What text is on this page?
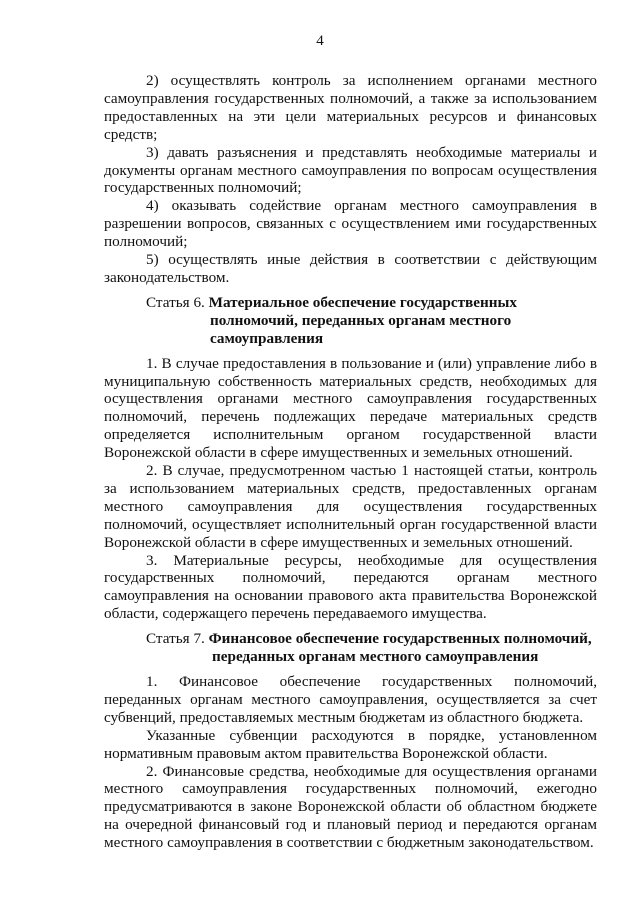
4

2) осуществлять контроль за исполнением органами местного самоуправления государственных полномочий, а также за использованием предоставленных на эти цели материальных ресурсов и финансовых средств;

3) давать разъяснения и представлять необходимые материалы и документы органам местного самоуправления по вопросам осуществления государственных полномочий;

4) оказывать содействие органам местного самоуправления в разрешении вопросов, связанных с осуществлением ими государственных полномочий;

5) осуществлять иные действия в соответствии с действующим законодательством.

Статья 6. Материальное обеспечение государственных
полномочий, переданных органам местного
самоуправления

1. В случае предоставления в пользование и (или) управление либо в муниципальную собственность материальных средств, необходимых для осуществления органами местного самоуправления государственных полномочий, перечень подлежащих передаче материальных средств определяется исполнительным органом государственной власти Воронежской области в сфере имущественных и земельных отношений.

2. В случае, предусмотренном частью 1 настоящей статьи, контроль за использованием материальных средств, предоставленных органам местного самоуправления для осуществления государственных полномочий, осуществляет исполнительный орган государственной власти Воронежской области в сфере имущественных и земельных отношений.

3. Материальные ресурсы, необходимые для осуществления государственных полномочий, передаются органам местного самоуправления на основании правового акта правительства Воронежской области, содержащего перечень передаваемого имущества.

Статья 7. Финансовое обеспечение государственных полномочий,
переданных органам местного самоуправления

1. Финансовое обеспечение государственных полномочий, переданных органам местного самоуправления, осуществляется за счет субвенций, предоставляемых местным бюджетам из областного бюджета.

Указанные субвенции расходуются в порядке, установленном нормативным правовым актом правительства Воронежской области.

2. Финансовые средства, необходимые для осуществления органами местного самоуправления государственных полномочий, ежегодно предусматриваются в законе Воронежской области об областном бюджете на очередной финансовый год и плановый период и передаются органам местного самоуправления в соответствии с бюджетным законодательством.
